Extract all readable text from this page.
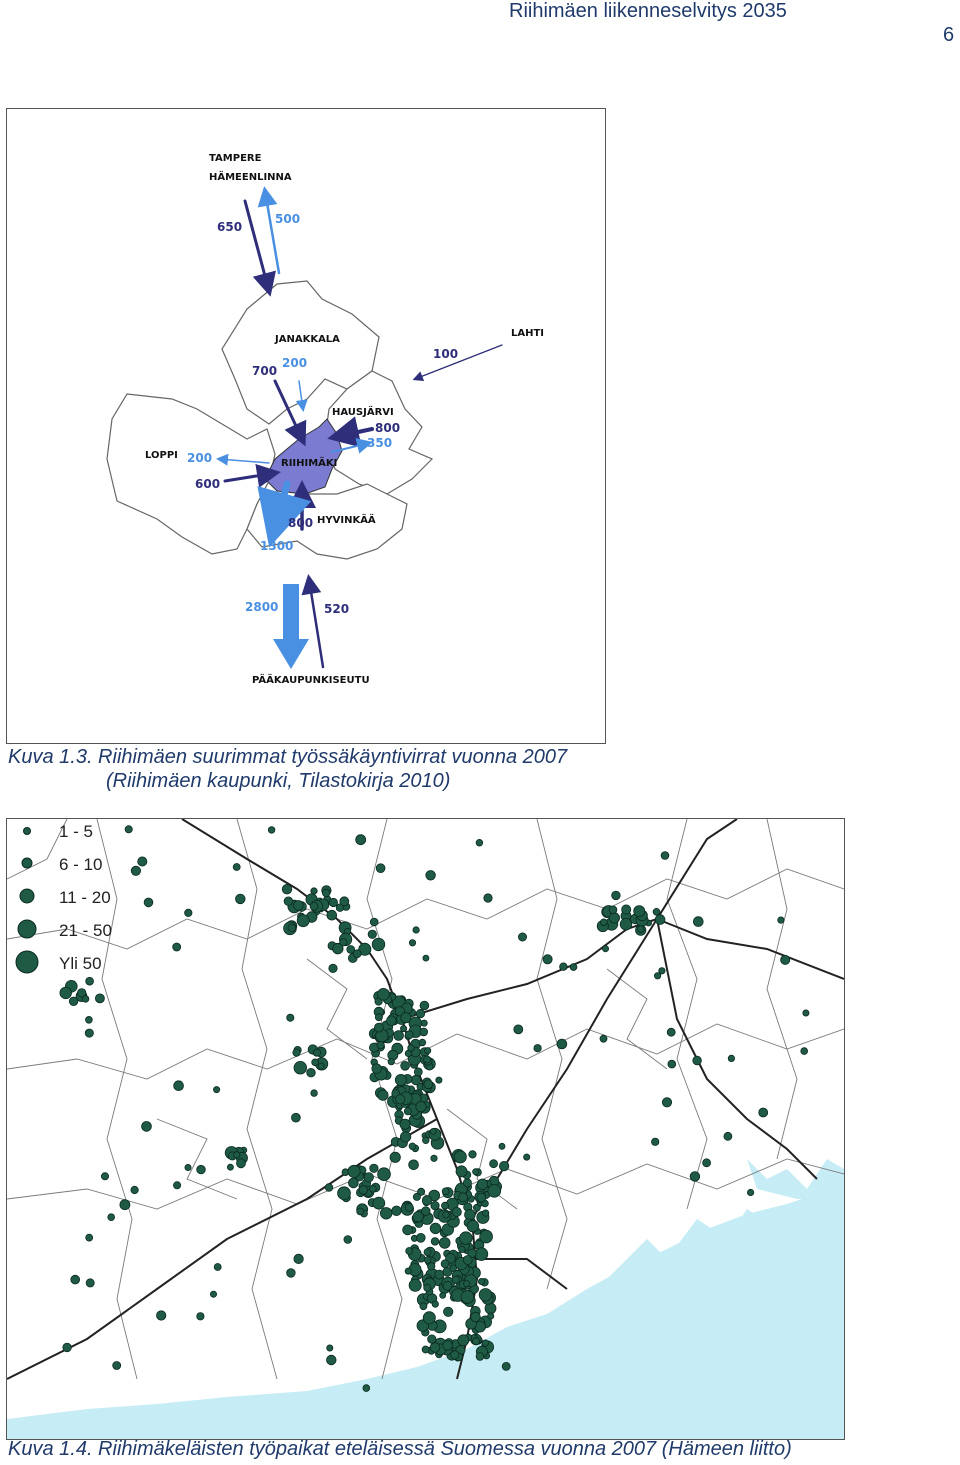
Riihimäen liikenneselvitys 2035
6
TAMPERE
HÄMEENLINNA
JANAKKALA
LAHTI
HAUSJÄRVI
LOPPI
RIIHIMÄKI
HYVINKÄÄ
PÄÄKAUPUNKISEUTU
650
500
700
200
100
800
350
200
600
800
1300
2800	520
Kuva 1.3. Riihimäen suurimmat työssäkäyntivirrat vuonna 2007
(Riihimäen kaupunki, Tilastokirja 2010)
1 - 5
6 - 10
11 - 20
21 - 50
Yli 50
Kuva 1.4. Riihimäkeläisten työpaikat eteläisessä Suomessa vuonna 2007 (Hämeen liitto)
